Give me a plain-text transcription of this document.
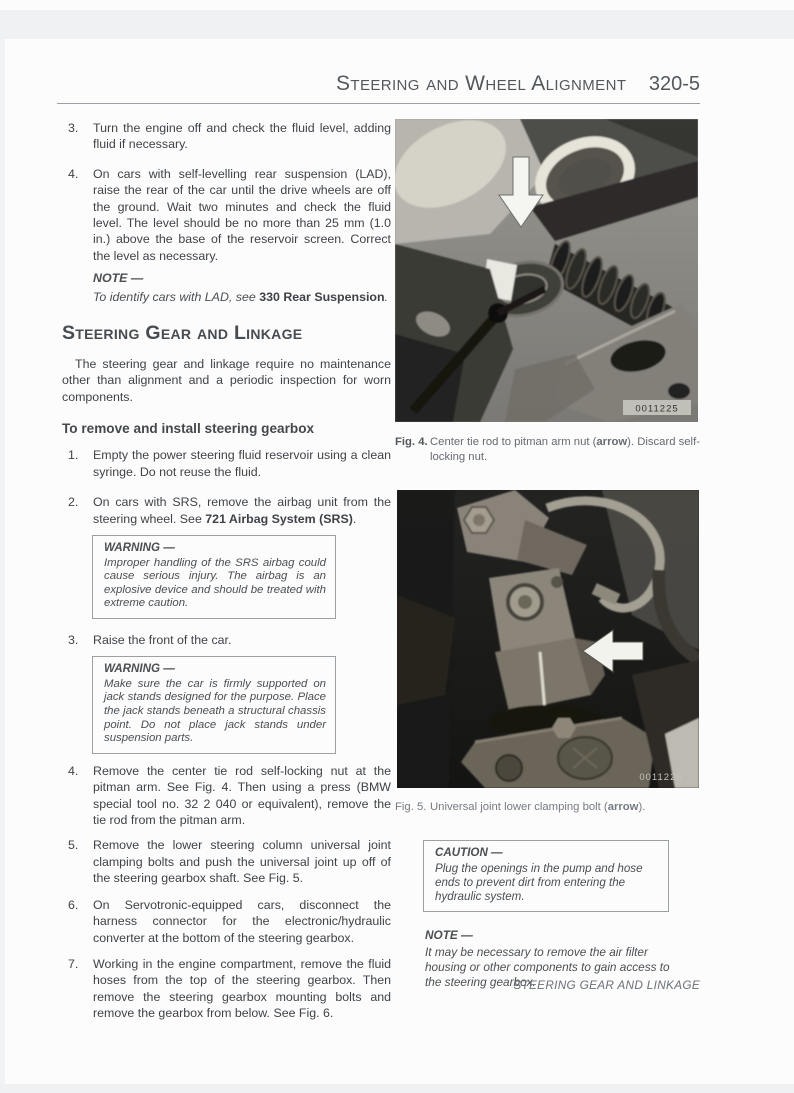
Steering and Wheel Alignment 320-5
3.	Turn the engine off and check the fluid level, adding fluid if necessary.
4.	On cars with self-levelling rear suspension (LAD), raise the rear of the car until the drive wheels are off the ground. Wait two minutes and check the fluid level. The level should be no more than 25 mm (1.0 in.) above the base of the reservoir screen. Correct the level as necessary.
NOTE —
To identify cars with LAD, see 330 Rear Suspension.
Steering Gear and Linkage

The steering gear and linkage require no maintenance other than alignment and a periodic inspection for worn components.

To remove and install steering gearbox
1.	Empty the power steering fluid reservoir using a clean syringe. Do not reuse the fluid.
2.	On cars with SRS, remove the airbag unit from the steering wheel. See 721 Airbag System (SRS).
WARNING —
Improper handling of the SRS airbag could cause serious injury. The airbag is an explosive device and should be treated with extreme caution.
3.	Raise the front of the car.
WARNING —
Make sure the car is firmly supported on jack stands designed for the purpose. Place the jack stands beneath a structural chassis point. Do not place jack stands under suspension parts.
4.	Remove the center tie rod self-locking nut at the pitman arm. See Fig. 4. Then using a press (BMW special tool no. 32 2 040 or equivalent), remove the tie rod from the pitman arm.
5.	Remove the lower steering column universal joint clamping bolts and push the universal joint up off of the steering gearbox shaft. See Fig. 5.
6.	On Servotronic-equipped cars, disconnect the harness connector for the electronic/hydraulic converter at the bottom of the steering gearbox.
7.	Working in the engine compartment, remove the fluid hoses from the top of the steering gearbox. Then remove the steering gearbox mounting bolts and remove the gearbox from below. See Fig. 6.
0011225
Fig. 4. Center tie rod to pitman arm nut (arrow). Discard self-locking nut.
0011226
Fig. 5. Universal joint lower clamping bolt (arrow).
CAUTION —
Plug the openings in the pump and hose ends to prevent dirt from entering the hydraulic system.
NOTE —
It may be necessary to remove the air filter housing or other components to gain access to the steering gearbox.
STEERING GEAR AND LINKAGE
